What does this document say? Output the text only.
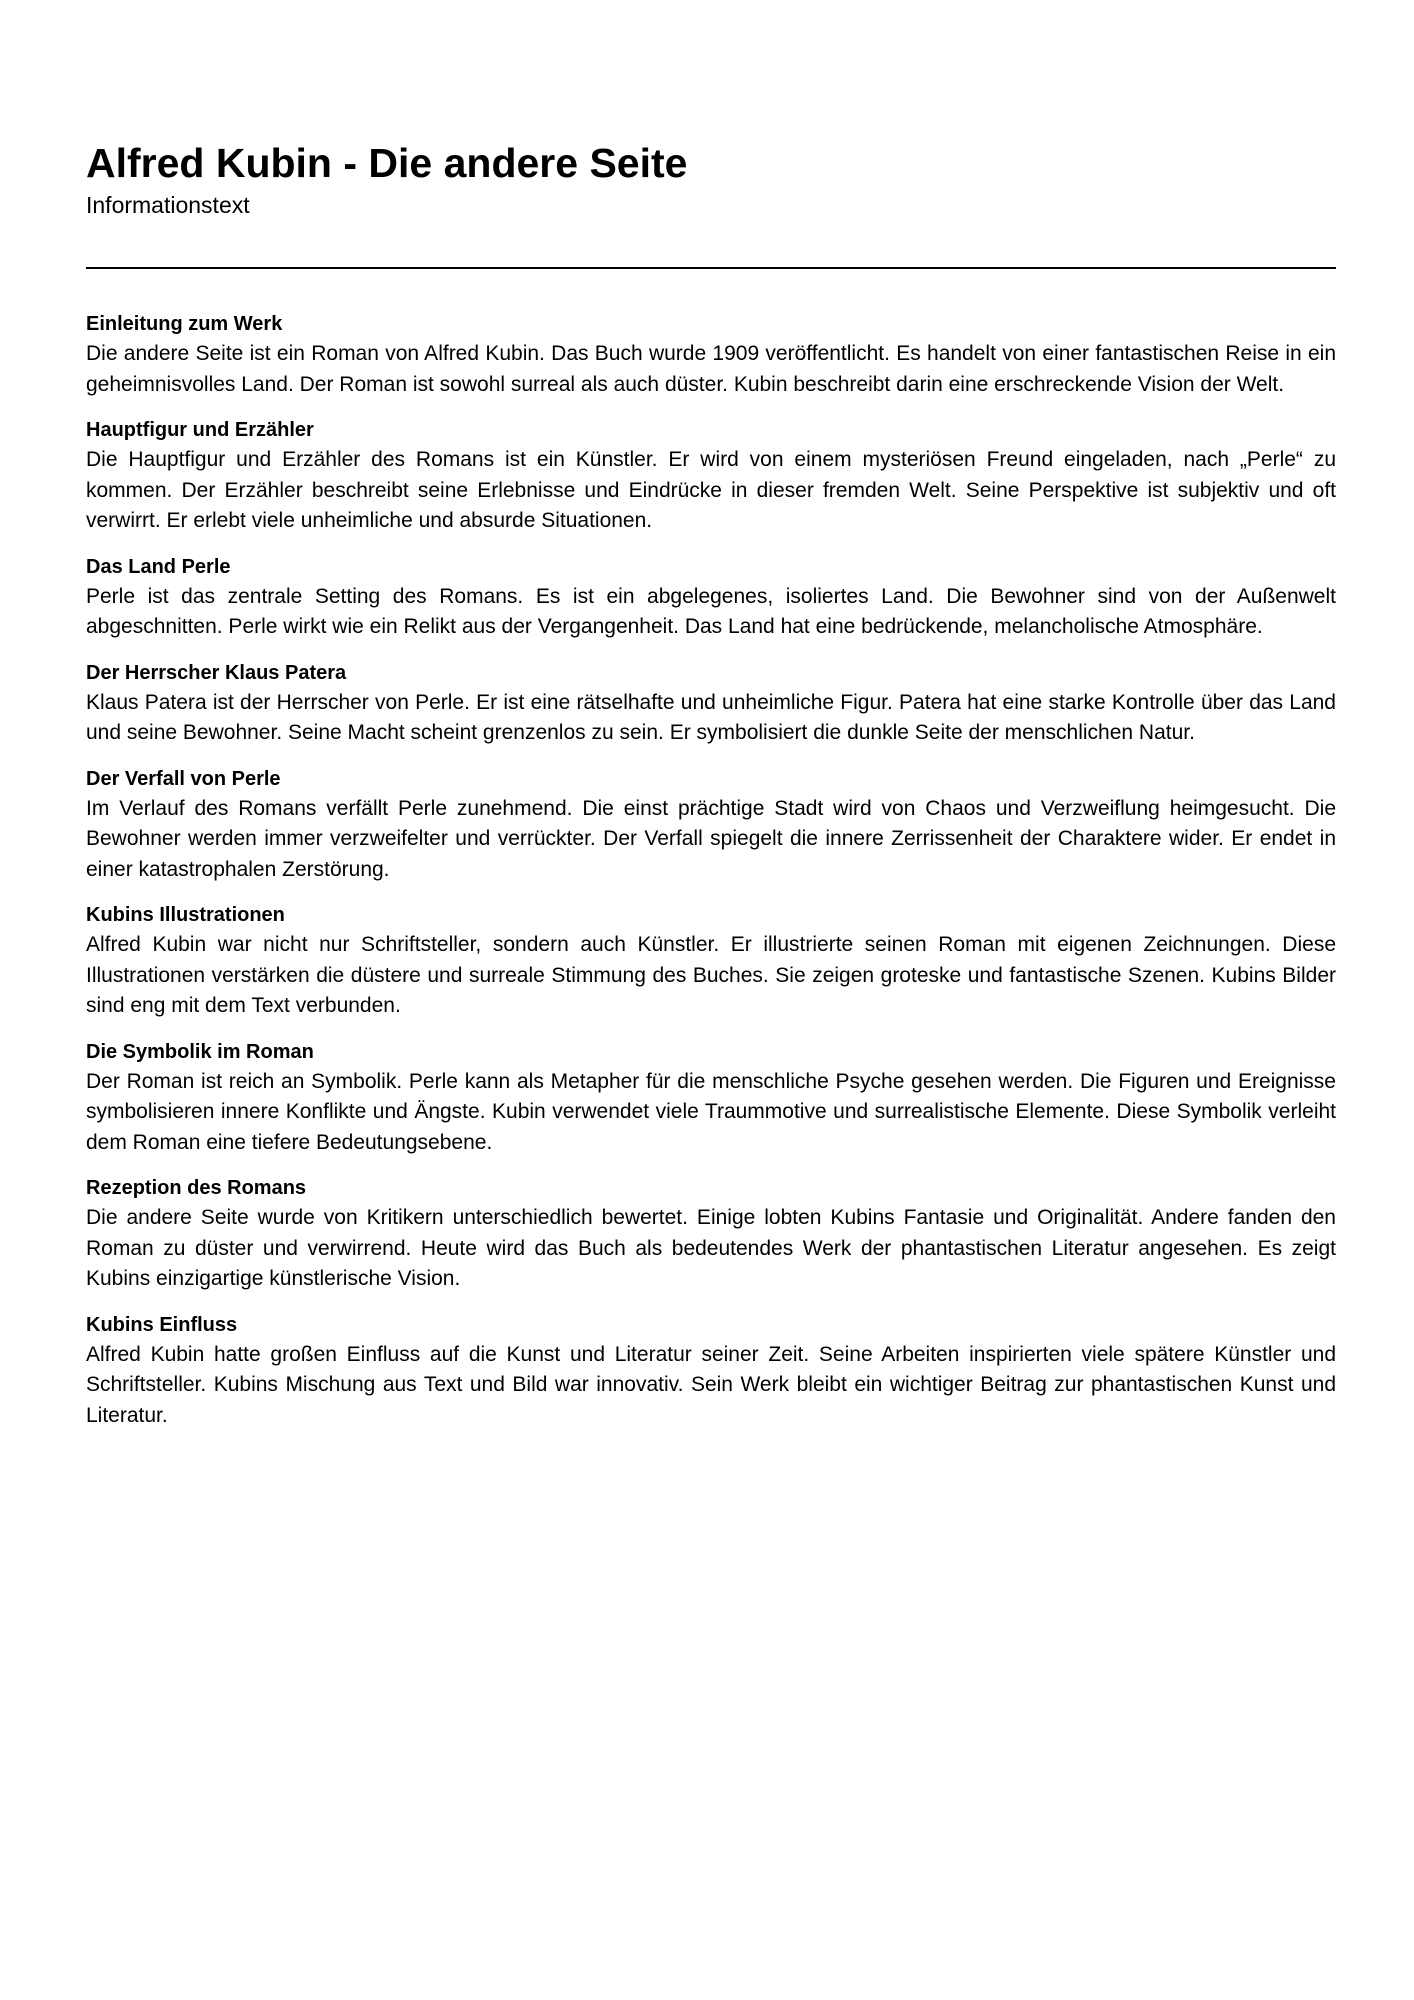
Alfred Kubin - Die andere Seite
Informationstext
Einleitung zum Werk

Die andere Seite ist ein Roman von Alfred Kubin. Das Buch wurde 1909 veröffentlicht. Es handelt von einer fantastischen Reise in ein geheimnisvolles Land. Der Roman ist sowohl surreal als auch düster. Kubin beschreibt darin eine erschreckende Vision der Welt.

Hauptfigur und Erzähler

Die Hauptfigur und Erzähler des Romans ist ein Künstler. Er wird von einem mysteriösen Freund eingeladen, nach „Perle“ zu kommen. Der Erzähler beschreibt seine Erlebnisse und Eindrücke in dieser fremden Welt. Seine Perspektive ist subjektiv und oft verwirrt. Er erlebt viele unheimliche und absurde Situationen.

Das Land Perle

Perle ist das zentrale Setting des Romans. Es ist ein abgelegenes, isoliertes Land. Die Bewohner sind von der Außenwelt abgeschnitten. Perle wirkt wie ein Relikt aus der Vergangenheit. Das Land hat eine bedrückende, melancholische Atmosphäre.

Der Herrscher Klaus Patera

Klaus Patera ist der Herrscher von Perle. Er ist eine rätselhafte und unheimliche Figur. Patera hat eine starke Kontrolle über das Land und seine Bewohner. Seine Macht scheint grenzenlos zu sein. Er symbolisiert die dunkle Seite der menschlichen Natur.

Der Verfall von Perle

Im Verlauf des Romans verfällt Perle zunehmend. Die einst prächtige Stadt wird von Chaos und Verzweiflung heimgesucht. Die Bewohner werden immer verzweifelter und verrückter. Der Verfall spiegelt die innere Zerrissenheit der Charaktere wider. Er endet in einer katastrophalen Zerstörung.

Kubins Illustrationen

Alfred Kubin war nicht nur Schriftsteller, sondern auch Künstler. Er illustrierte seinen Roman mit eigenen Zeichnungen. Diese Illustrationen verstärken die düstere und surreale Stimmung des Buches. Sie zeigen groteske und fantastische Szenen. Kubins Bilder sind eng mit dem Text verbunden.

Die Symbolik im Roman

Der Roman ist reich an Symbolik. Perle kann als Metapher für die menschliche Psyche gesehen werden. Die Figuren und Ereignisse symbolisieren innere Konflikte und Ängste. Kubin verwendet viele Traummotive und surrealistische Elemente. Diese Symbolik verleiht dem Roman eine tiefere Bedeutungsebene.

Rezeption des Romans

Die andere Seite wurde von Kritikern unterschiedlich bewertet. Einige lobten Kubins Fantasie und Originalität. Andere fanden den Roman zu düster und verwirrend. Heute wird das Buch als bedeutendes Werk der phantastischen Literatur angesehen. Es zeigt Kubins einzigartige künstlerische Vision.

Kubins Einfluss

Alfred Kubin hatte großen Einfluss auf die Kunst und Literatur seiner Zeit. Seine Arbeiten inspirierten viele spätere Künstler und Schriftsteller. Kubins Mischung aus Text und Bild war innovativ. Sein Werk bleibt ein wichtiger Beitrag zur phantastischen Kunst und Literatur.
